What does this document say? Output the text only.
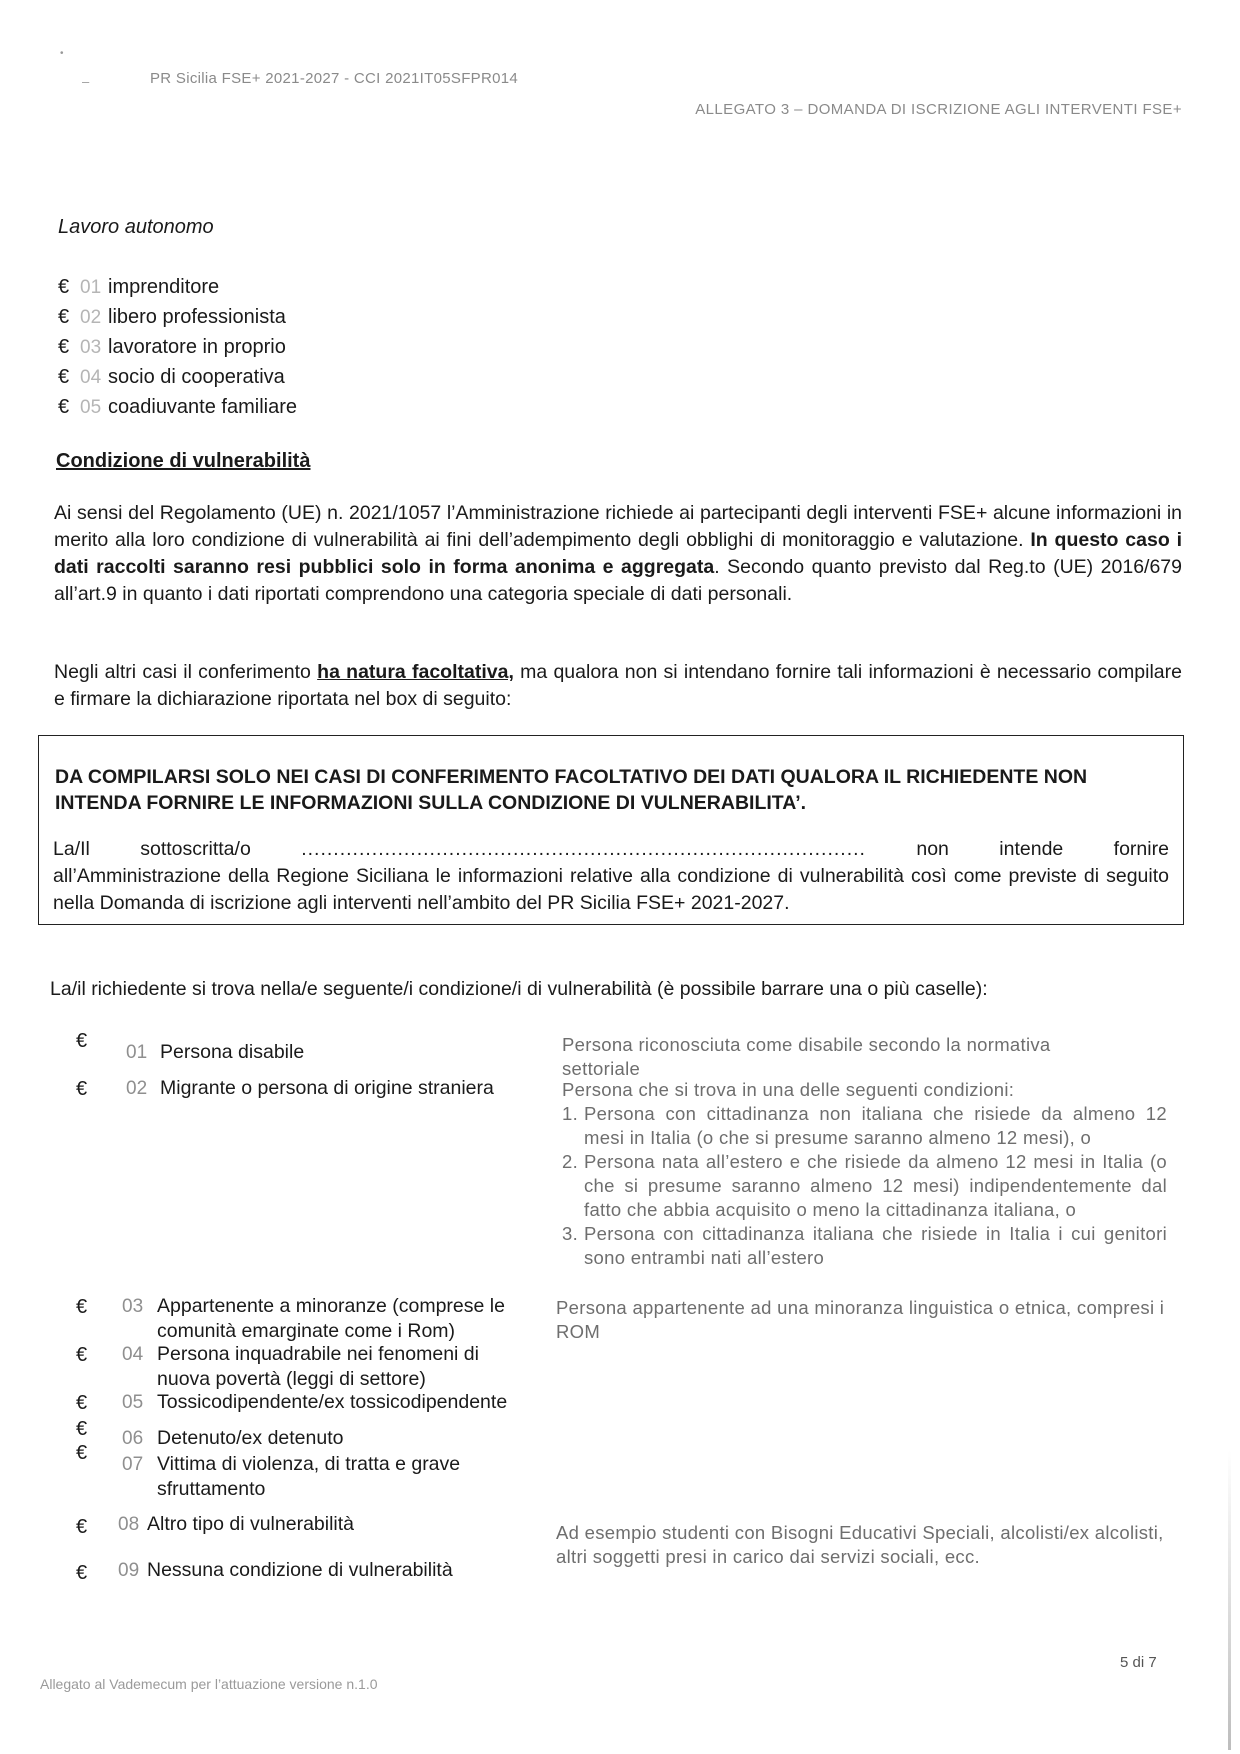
•
–	PR Sicilia FSE+ 2021-2027 - CCI 2021IT05SFPR014
ALLEGATO 3 – DOMANDA DI ISCRIZIONE AGLI INTERVENTI FSE+
Lavoro autonomo
€ 01 imprenditore
€ 02 libero professionista
€ 03 lavoratore in proprio
€ 04 socio di cooperativa
€ 05 coadiuvante familiare
Condizione di vulnerabilità
Ai sensi del Regolamento (UE) n. 2021/1057 l’Amministrazione richiede ai partecipanti degli interventi FSE+ alcune informazioni in merito alla loro condizione di vulnerabilità ai fini dell’adempimento degli obblighi di monitoraggio e valutazione. In questo caso i dati raccolti saranno resi pubblici solo in forma anonima e aggregata. Secondo quanto previsto dal Reg.to (UE) 2016/679 all’art.9 in quanto i dati riportati comprendono una categoria speciale di dati personali.
Negli altri casi il conferimento ha natura facoltativa, ma qualora non si intendano fornire tali informazioni è necessario compilare e firmare la dichiarazione riportata nel box di seguito:
DA COMPILARSI SOLO NEI CASI DI CONFERIMENTO FACOLTATIVO DEI DATI QUALORA IL RICHIEDENTE NON INTENDA FORNIRE LE INFORMAZIONI SULLA CONDIZIONE DI VULNERABILITA’.
La/Il	sottoscritta/o	........................................................................................	non	intende	fornire
all’Amministrazione della Regione Siciliana le informazioni relative alla condizione di vulnerabilità così come previste di seguito nella Domanda di iscrizione agli interventi nell’ambito del PR Sicilia FSE+ 2021-2027.
La/il richiedente si trova nella/e seguente/i condizione/i di vulnerabilità (è possibile barrare una o più caselle):
€
01 Persona disabile	Persona riconosciuta come disabile secondo la normativa settoriale
€ 02 Migrante o persona di origine straniera	Persona che si trova in una delle seguenti condizioni:
1. Persona con cittadinanza non italiana che risiede da almeno 12 mesi in Italia (o che si presume saranno almeno 12 mesi), o
2. Persona nata all’estero e che risiede da almeno 12 mesi in Italia (o che si presume saranno almeno 12 mesi) indipendentemente dal fatto che abbia acquisito o meno la cittadinanza italiana, o
3. Persona con cittadinanza italiana che risiede in Italia i cui genitori sono entrambi nati all’estero
€ 03 Appartenente a minoranze (comprese le comunità emarginate come i Rom)
Persona appartenente ad una minoranza linguistica o etnica, compresi i ROM
€ 04 Persona inquadrabile nei fenomeni di nuova povertà (leggi di settore)
€ 05 Tossicodipendente/ex tossicodipendente
€ 06 Detenuto/ex detenuto
€
07 Vittima di violenza, di tratta e grave sfruttamento
€ 08 Altro tipo di vulnerabilità	Ad esempio studenti con Bisogni Educativi Speciali, alcolisti/ex alcolisti, altri soggetti presi in carico dai servizi sociali, ecc.
€ 09 Nessuna condizione di vulnerabilità
5 di 7
Allegato al Vademecum per l’attuazione versione n.1.0
